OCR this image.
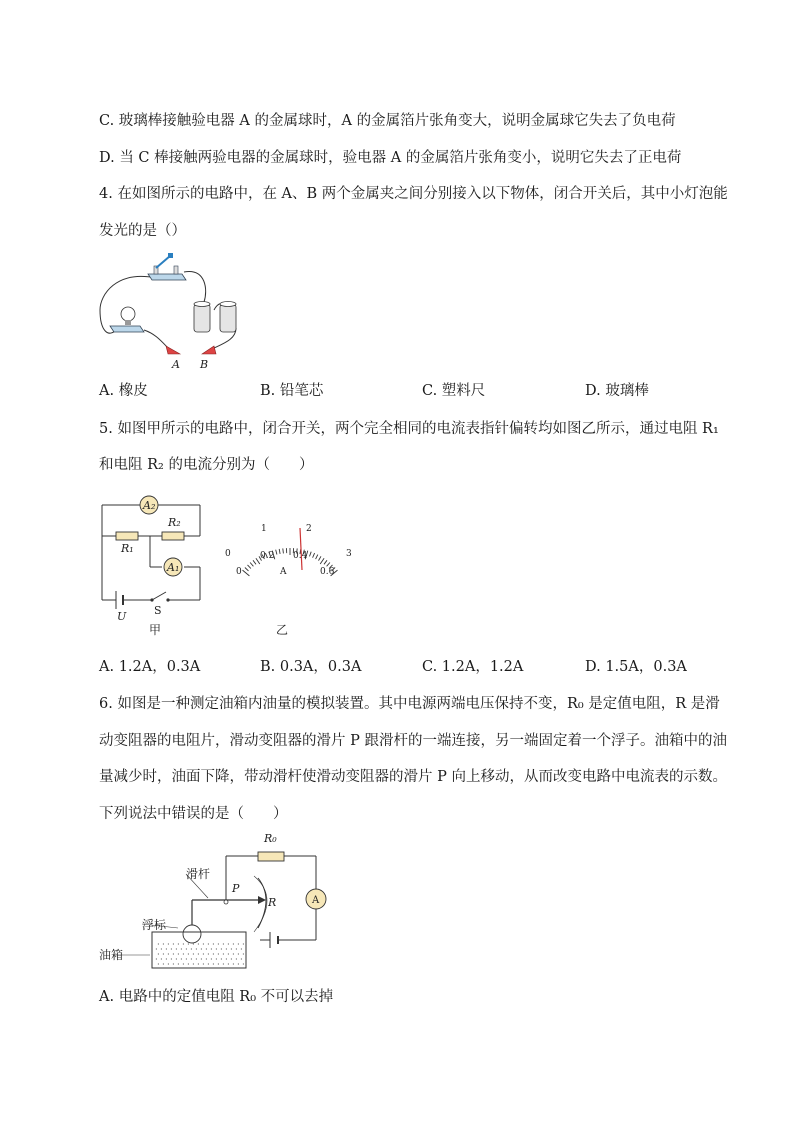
C. 玻璃棒接触验电器 A 的金属球时，A 的金属箔片张角变大，说明金属球它失去了负电荷
D. 当 C 棒接触两验电器的金属球时，验电器 A 的金属箔片张角变小，说明它失去了正电荷
4. 在如图所示的电路中，在 A、B 两个金属夹之间分别接入以下物体，闭合开关后，其中小灯泡能
发光的是（）
A B
A. 橡皮	B. 铅笔芯	C. 塑料尺	D. 玻璃棒
5. 如图甲所示的电路中，闭合开关，两个完全相同的电流表指针偏转均如图乙所示，通过电阻 R₁
和电阻 R₂ 的电流分别为（　　）
A₂
A₁
R₁
R₂
U	S
甲
0
1	2
3
0
0.2 0.4
0.6
A
乙
A. 1.2A，0.3A	B. 0.3A，0.3A	C. 1.2A，1.2A	D. 1.5A，0.3A
6. 如图是一种测定油箱内油量的模拟装置。其中电源两端电压保持不变，R₀ 是定值电阻，R 是滑
动变阻器的电阻片，滑动变阻器的滑片 P 跟滑杆的一端连接，另一端固定着一个浮子。油箱中的油
量减少时，油面下降，带动滑杆使滑动变阻器的滑片 P 向上移动，从而改变电路中电流表的示数。
下列说法中错误的是（　　）
R₀
滑杆
P
R	A
浮标
油箱
A. 电路中的定值电阻 R₀ 不可以去掉
